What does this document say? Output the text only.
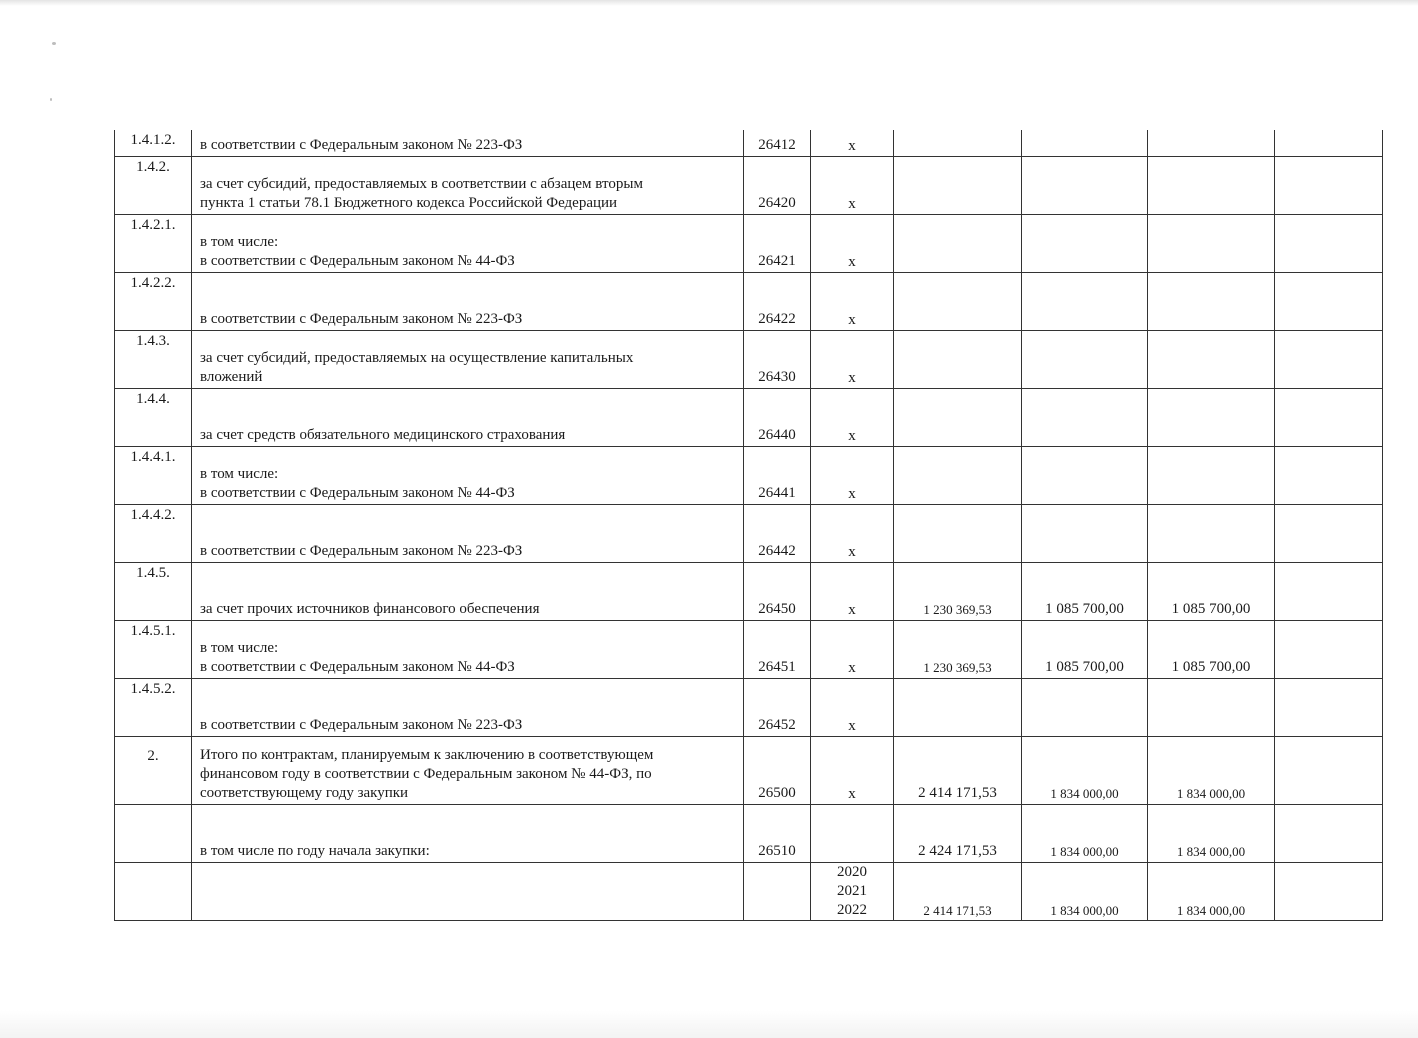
1.4.1.2.	в соответствии с Федеральным законом № 223-ФЗ	26412	x				
1.4.2.	за счет субсидий, предоставляемых в соответствии с абзацем вторым
пункта 1 статьи 78.1 Бюджетного кодекса Российской Федерации	26420	x				
1.4.2.1.	в том числе:
в соответствии с Федеральным законом № 44-ФЗ	26421	x				
1.4.2.2.	в соответствии с Федеральным законом № 223-ФЗ	26422	x				
1.4.3.	за счет субсидий, предоставляемых на осуществление капитальных
вложений	26430	x				
1.4.4.	за счет средств обязательного медицинского страхования	26440	x				
1.4.4.1.	в том числе:
в соответствии с Федеральным законом № 44-ФЗ	26441	x				
1.4.4.2.	в соответствии с Федеральным законом № 223-ФЗ	26442	x				
1.4.5.	за счет прочих источников финансового обеспечения	26450	x	1 230 369,53	1 085 700,00	1 085 700,00	
1.4.5.1.	в том числе:
в соответствии с Федеральным законом № 44-ФЗ	26451	x	1 230 369,53	1 085 700,00	1 085 700,00	
1.4.5.2.	в соответствии с Федеральным законом № 223-ФЗ	26452	x				
2.	Итого по контрактам, планируемым к заключению в соответствующем
финансовом году в соответствии с Федеральным законом № 44-ФЗ, по
соответствующему году закупки	26500	x	2 414 171,53	1 834 000,00	1 834 000,00	

	в том числе по году начала закупки:	26510		2 424 171,53	1 834 000,00	1 834 000,00	

			2020
2021
2022	2 414 171,53	1 834 000,00	1 834 000,00	
